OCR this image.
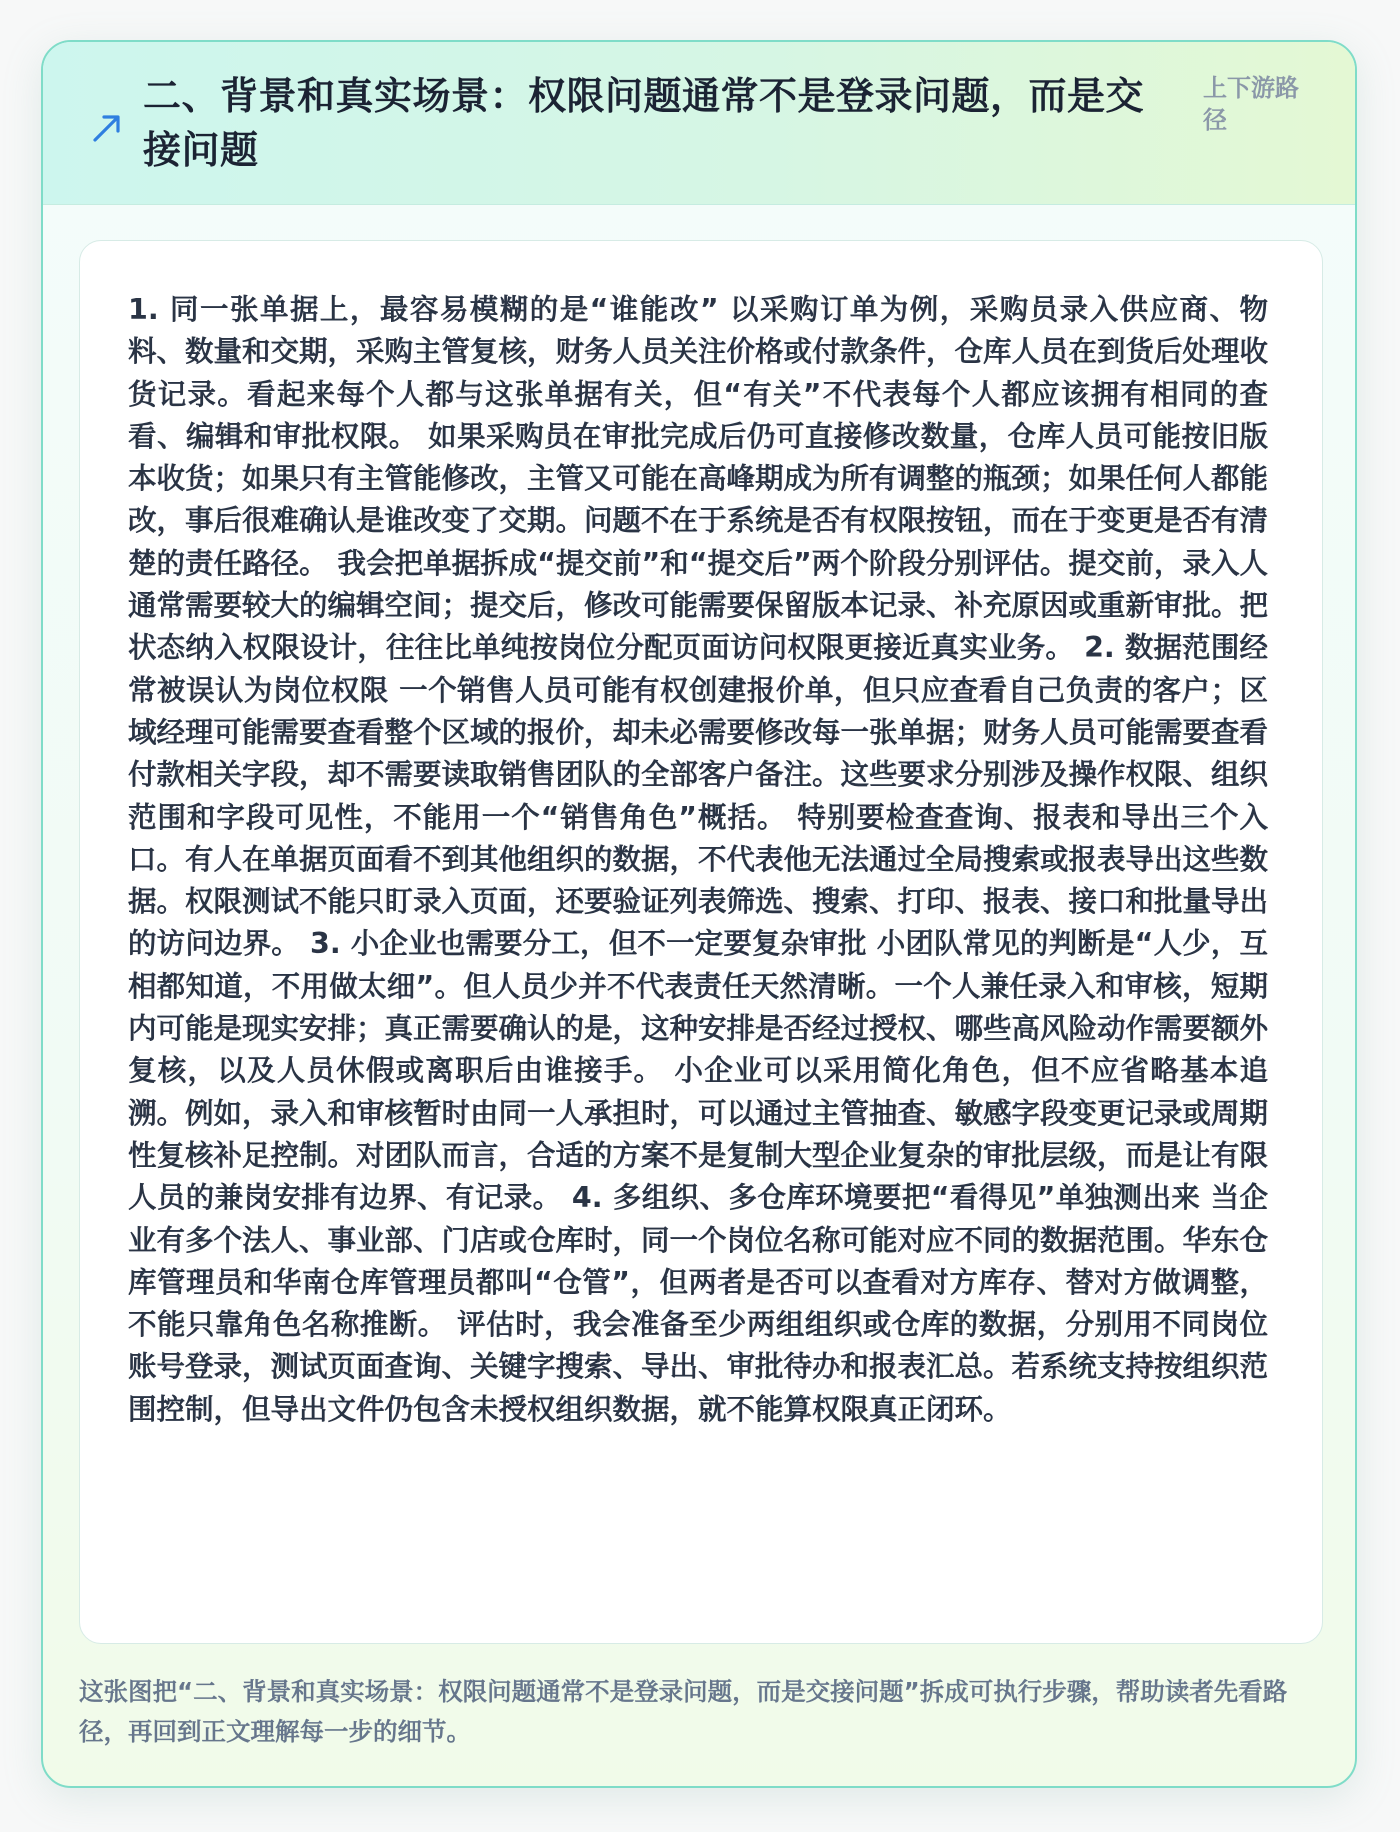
二、背景和真实场景：权限问题通常不是登录问题，而是交接问题
上下游路径

1. 同一张单据上，最容易模糊的是“谁能改” 以采购订单为例，采购员录入供应商、物料、数量和交期，采购主管复核，财务人员关注价格或付款条件，仓库人员在到货后处理收货记录。看起来每个人都与这张单据有关，但“有关”不代表每个人都应该拥有相同的查看、编辑和审批权限。 如果采购员在审批完成后仍可直接修改数量，仓库人员可能按旧版本收货；如果只有主管能修改，主管又可能在高峰期成为所有调整的瓶颈；如果任何人都能改，事后很难确认是谁改变了交期。问题不在于系统是否有权限按钮，而在于变更是否有清楚的责任路径。 我会把单据拆成“提交前”和“提交后”两个阶段分别评估。提交前，录入人通常需要较大的编辑空间；提交后，修改可能需要保留版本记录、补充原因或重新审批。把状态纳入权限设计，往往比单纯按岗位分配页面访问权限更接近真实业务。 2. 数据范围经常被误认为岗位权限 一个销售人员可能有权创建报价单，但只应查看自己负责的客户；区域经理可能需要查看整个区域的报价，却未必需要修改每一张单据；财务人员可能需要查看付款相关字段，却不需要读取销售团队的全部客户备注。这些要求分别涉及操作权限、组织范围和字段可见性，不能用一个“销售角色”概括。 特别要检查查询、报表和导出三个入口。有人在单据页面看不到其他组织的数据，不代表他无法通过全局搜索或报表导出这些数据。权限测试不能只盯录入页面，还要验证列表筛选、搜索、打印、报表、接口和批量导出的访问边界。 3. 小企业也需要分工，但不一定要复杂审批 小团队常见的判断是“人少，互相都知道，不用做太细”。但人员少并不代表责任天然清晰。一个人兼任录入和审核，短期内可能是现实安排；真正需要确认的是，这种安排是否经过授权、哪些高风险动作需要额外复核，以及人员休假或离职后由谁接手。 小企业可以采用简化角色，但不应省略基本追溯。例如，录入和审核暂时由同一人承担时，可以通过主管抽查、敏感字段变更记录或周期性复核补足控制。对团队而言，合适的方案不是复制大型企业复杂的审批层级，而是让有限人员的兼岗安排有边界、有记录。 4. 多组织、多仓库环境要把“看得见”单独测出来 当企业有多个法人、事业部、门店或仓库时，同一个岗位名称可能对应不同的数据范围。华东仓库管理员和华南仓库管理员都叫“仓管”，但两者是否可以查看对方库存、替对方做调整，不能只靠角色名称推断。 评估时，我会准备至少两组组织或仓库的数据，分别用不同岗位账号登录，测试页面查询、关键字搜索、导出、审批待办和报表汇总。若系统支持按组织范围控制，但导出文件仍包含未授权组织数据，就不能算权限真正闭环。

这张图把“二、背景和真实场景：权限问题通常不是登录问题，而是交接问题”拆成可执行步骤，帮助读者先看路径，再回到正文理解每一步的细节。
